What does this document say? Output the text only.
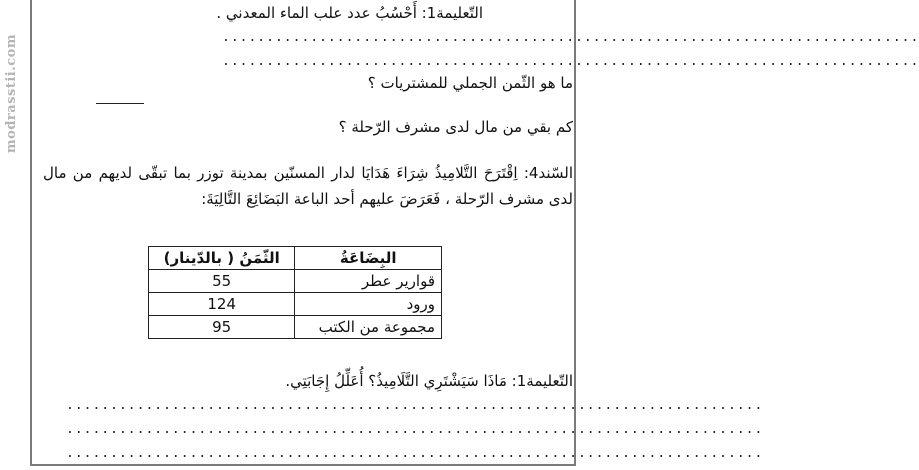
modrasstii.com
التّعليمة1: أَحْسُبُ عدد علب الماء المعدني .
...............................................................................
...............................................................................
ما هو الثّمن الجملي للمشتريات ؟
كم بقي من مال لدى مشرف الرّحلة ؟
السّند4: اِقْتَرَحَ التَّلامِيذُ شِرَاءَ هَدَايَا لدار المسنّين بمدينة توزر بما تبقّى لديهم من مال لدى مشرف الرّحلة ، فَعَرَضَ عليهم أحد الباعة البَضَائِعَ التَّالِيَةَ:
البِضَاعَةُ	الثّمَنُ ( بالدّينار)
قوارير عطر	55
ورود	124
مجموعة من الكتب	95
التّعليمة1: مَاذَا سَيَشْتَرِي التَّلَامِيذُ؟ أُعَلِّلُ إِجَابَتِي.
...............................................................................
...............................................................................
...............................................................................
